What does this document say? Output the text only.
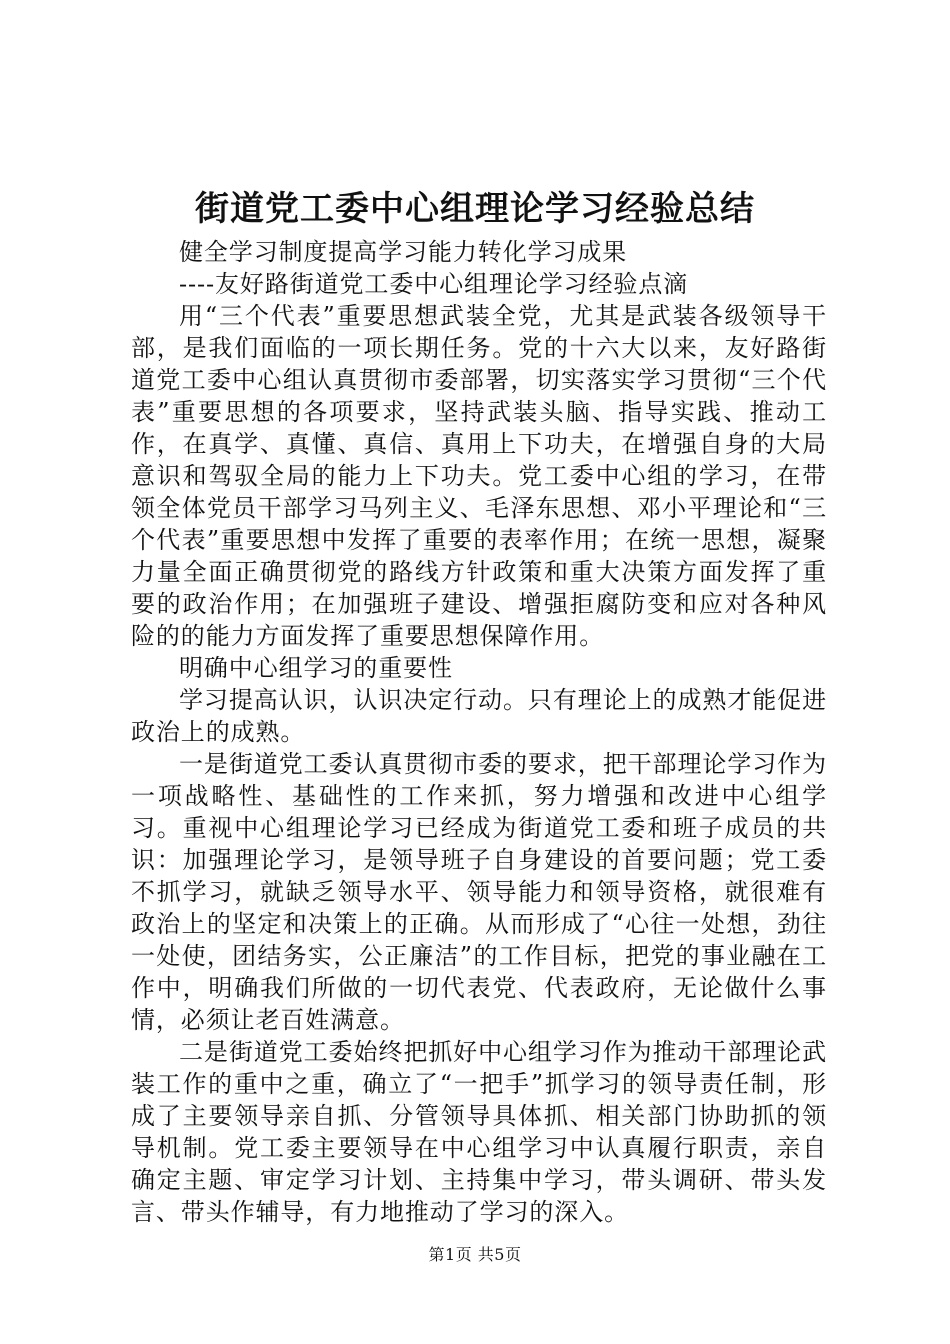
街道党工委中心组理论学习经验总结

健全学习制度提高学习能力转化学习成果

----友好路街道党工委中心组理论学习经验点滴

用“三个代表”重要思想武装全党，尤其是武装各级领导干部，是我们面临的一项长期任务。党的十六大以来，友好路街道党工委中心组认真贯彻市委部署，切实落实学习贯彻“三个代表”重要思想的各项要求，坚持武装头脑、指导实践、推动工作，在真学、真懂、真信、真用上下功夫，在增强自身的大局意识和驾驭全局的能力上下功夫。党工委中心组的学习，在带领全体党员干部学习马列主义、毛泽东思想、邓小平理论和“三个代表”重要思想中发挥了重要的表率作用；在统一思想，凝聚力量全面正确贯彻党的路线方针政策和重大决策方面发挥了重要的政治作用；在加强班子建设、增强拒腐防变和应对各种风险的的能力方面发挥了重要思想保障作用。

明确中心组学习的重要性

学习提高认识，认识决定行动。只有理论上的成熟才能促进政治上的成熟。

一是街道党工委认真贯彻市委的要求，把干部理论学习作为一项战略性、基础性的工作来抓，努力增强和改进中心组学习。重视中心组理论学习已经成为街道党工委和班子成员的共识：加强理论学习，是领导班子自身建设的首要问题；党工委不抓学习，就缺乏领导水平、领导能力和领导资格，就很难有政治上的坚定和决策上的正确。从而形成了“心往一处想，劲往一处使，团结务实，公正廉洁”的工作目标，把党的事业融在工作中，明确我们所做的一切代表党、代表政府，无论做什么事情，必须让老百姓满意。

二是街道党工委始终把抓好中心组学习作为推动干部理论武装工作的重中之重，确立了“一把手”抓学习的领导责任制，形成了主要领导亲自抓、分管领导具体抓、相关部门协助抓的领导机制。党工委主要领导在中心组学习中认真履行职责，亲自确定主题、审定学习计划、主持集中学习，带头调研、带头发言、带头作辅导，有力地推动了学习的深入。

第1页 共5页
